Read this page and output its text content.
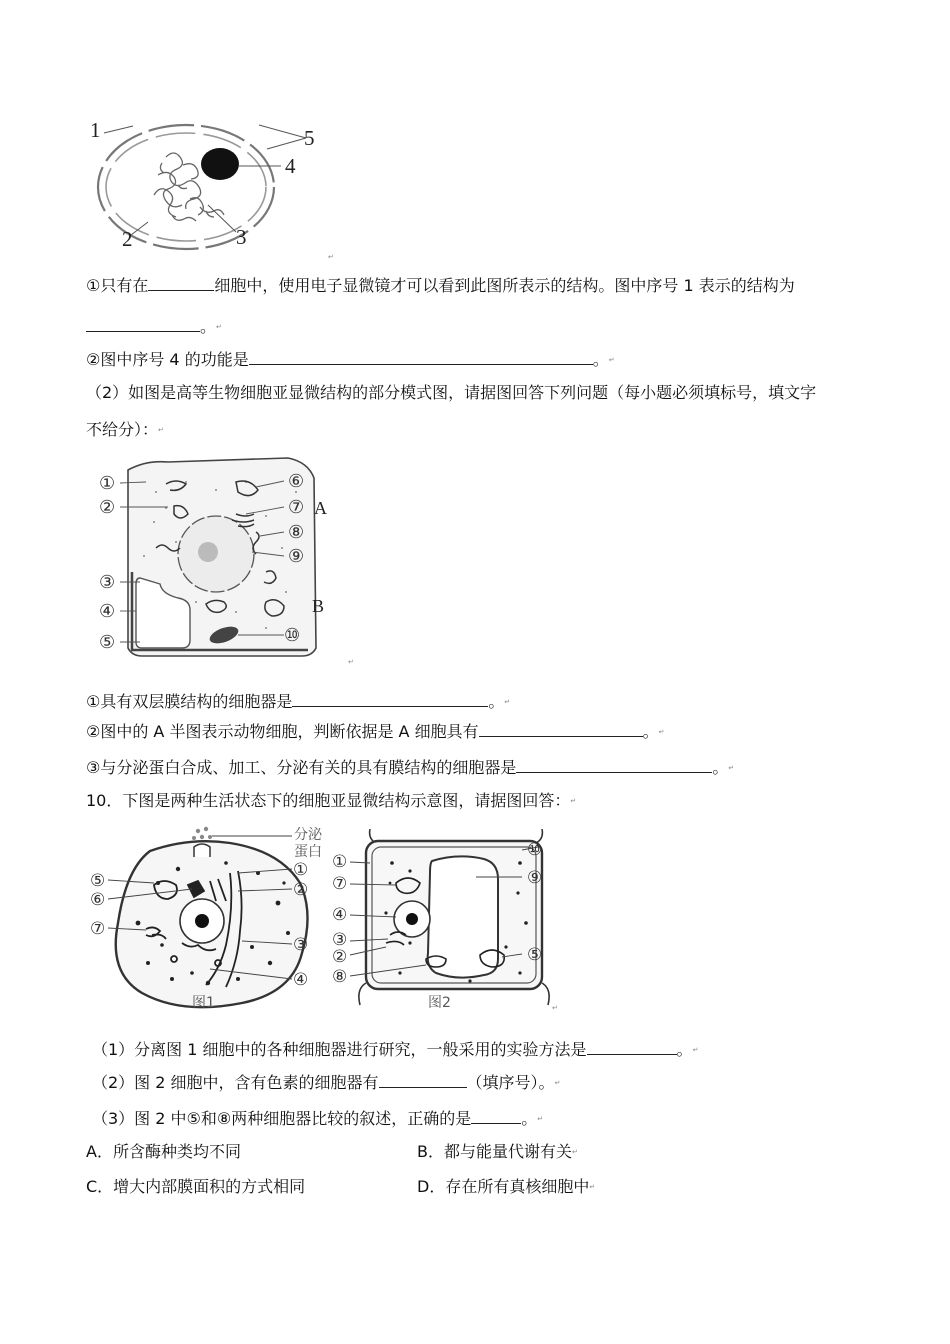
1
2	3
4
5
↵
①只有在	细胞中，使用电子显微镜才可以看到此图所表示的结构。图中序号 1 表示的结构为
。↵
②图中序号 4 的功能是	。↵
（2）如图是高等生物细胞亚显微结构的部分模式图，请据图回答下列问题（每小题必须填标号，填文字
不给分）：↵
①
②
③
④
⑤
⑥
⑦
⑧
⑨
⑩
A
B
↵
①具有双层膜结构的细胞器是	。↵
②图中的 A 半图表示动物细胞，判断依据是 A 细胞具有	。↵
③与分泌蛋白合成、加工、分泌有关的具有膜结构的细胞器是	。↵
10．下图是两种生活状态下的细胞亚显微结构示意图，请据图回答：↵
⑤
⑥
⑦
①
②
③
④
分泌
蛋白
图1
①
⑦
④
③
②
⑧
⑩
⑨
⑤
图2	↵
（1）分离图 1 细胞中的各种细胞器进行研究，一般采用的实验方法是	。↵
（2）图 2 细胞中，含有色素的细胞器有	（填序号）。↵
（3）图 2 中⑤和⑧两种细胞器比较的叙述，正确的是	。↵
A．所含酶种类均不同	B．都与能量代谢有关↵
C．增大内部膜面积的方式相同	D．存在所有真核细胞中↵
